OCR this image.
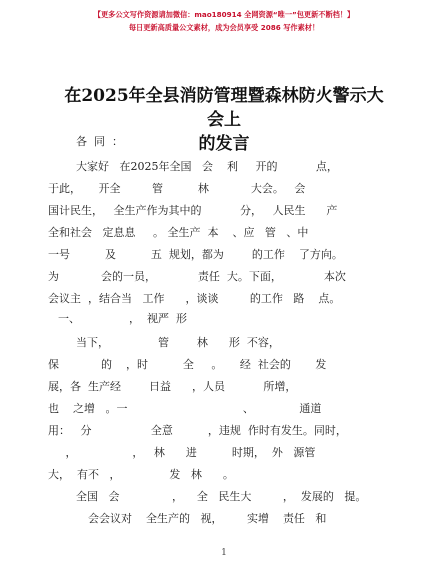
【更多公文写作资源请加微信：mao180914 全网资源“唯一”包更新不断档！】
每日更新高质量公文素材，成为会员享受 2086 写作素材！
在2025年全县消防管理暨森林防火警示大会上
的发言
各  同  ：
大家好   在2025年全国   会    利     开的           点，
于此，     开全         管          林            大会。   会
国计民生，   全生产作为其中的           分，   人民生      产
全和社会   定息息     。 全生产  本    、应   管   、中
一号          及          五  规划，都为        的工作    了方向。
为            会的一员，            责任  大。下面，            本次
会议主  ，结合当   工作      ，谈谈         的工作   路    点。
一、              ，  视严  形
当下，              管        林      形  不容，
保            的    ，时          全     。     经  社会的       发
展，各  生产经        日益      ，人员           所增，
也    之增   。一                                 、             通道
用：   分                 全意          ，违规  作时有发生。同时，
，                ，   林      进          时期，  外   源管
大，  有不   ，              发   林      。
全国   会               ，    全   民生大         ，  发展的   提。
会会议对    全生产的   视，       实增    责任   和
1
